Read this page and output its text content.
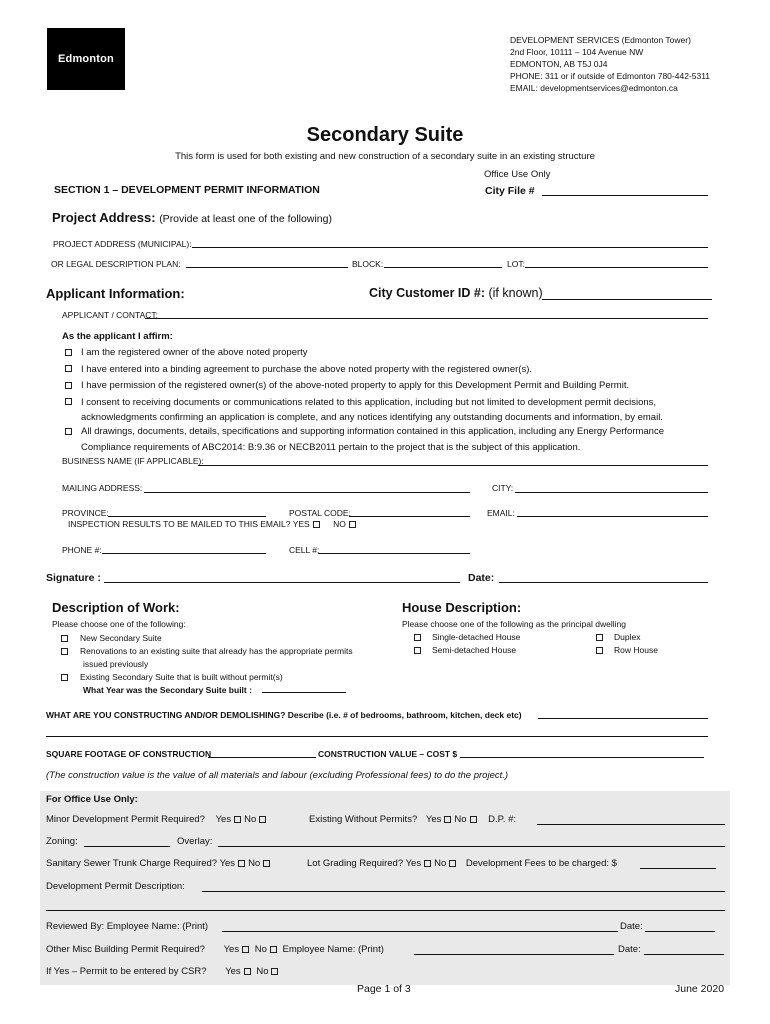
Edmonton
DEVELOPMENT SERVICES (Edmonton Tower)
2nd Floor, 10111 – 104 Avenue NW
EDMONTON, AB T5J 0J4
PHONE: 311 or if outside of Edmonton 780-442-5311
EMAIL: developmentservices@edmonton.ca
Secondary Suite
This form is used for both existing and new construction of a secondary suite in an existing structure
Office Use Only
SECTION 1 – DEVELOPMENT PERMIT INFORMATION	City File #
Project Address: (Provide at least one of the following)
PROJECT ADDRESS (MUNICIPAL):
OR LEGAL DESCRIPTION PLAN:	BLOCK:	LOT:
Applicant Information:	City Customer ID #: (if known)
APPLICANT / CONTACT:
As the applicant I affirm:
I am the registered owner of the above noted property
I have entered into a binding agreement to purchase the above noted property with the registered owner(s).
I have permission of the registered owner(s) of the above-noted property to apply for this Development Permit and Building Permit.
I consent to receiving documents or communications related to this application, including but not limited to development permit decisions,
acknowledgments confirming an application is complete, and any notices identifying any outstanding documents and information, by email.
All drawings, documents, details, specifications and supporting information contained in this application, including any Energy Performance
Compliance requirements of ABC2014: B:9.36 or NECB2011 pertain to the project that is the subject of this application.
BUSINESS NAME (IF APPLICABLE):
MAILING ADDRESS:	CITY:
PROVINCE:	POSTAL CODE:	EMAIL:
INSPECTION RESULTS TO BE MAILED TO THIS EMAIL? YES	NO
PHONE #:	CELL #:
Signature :	Date:
Description of Work:
Please choose one of the following:
New Secondary Suite
Renovations to an existing suite that already has the appropriate permits
issued previously
Existing Secondary Suite that is built without permit(s)
What Year was the Secondary Suite built :
House Description:
Please choose one of the following as the principal dwelling
Single-detached House	Duplex
Semi-detached House	Row House
WHAT ARE YOU CONSTRUCTING AND/OR DEMOLISHING? Describe (i.e. # of bedrooms, bathroom, kitchen, deck etc)
SQUARE FOOTAGE OF CONSTRUCTION	CONSTRUCTION VALUE – COST $
(The construction value is the value of all materials and labour (excluding Professional fees) to do the project.)
For Office Use Only:
Minor Development Permit Required? Yes No	Existing Without Permits? Yes No D.P. #:
Zoning:	Overlay:
Sanitary Sewer Trunk Charge Required? Yes No	Lot Grading Required? Yes No Development Fees to be charged: $
Development Permit Description:
Reviewed By: Employee Name: (Print)	Date:
Other Misc Building Permit Required? Yes No Employee Name: (Print)	Date:
If Yes – Permit to be entered by CSR? Yes No
Page 1 of 3	June 2020
